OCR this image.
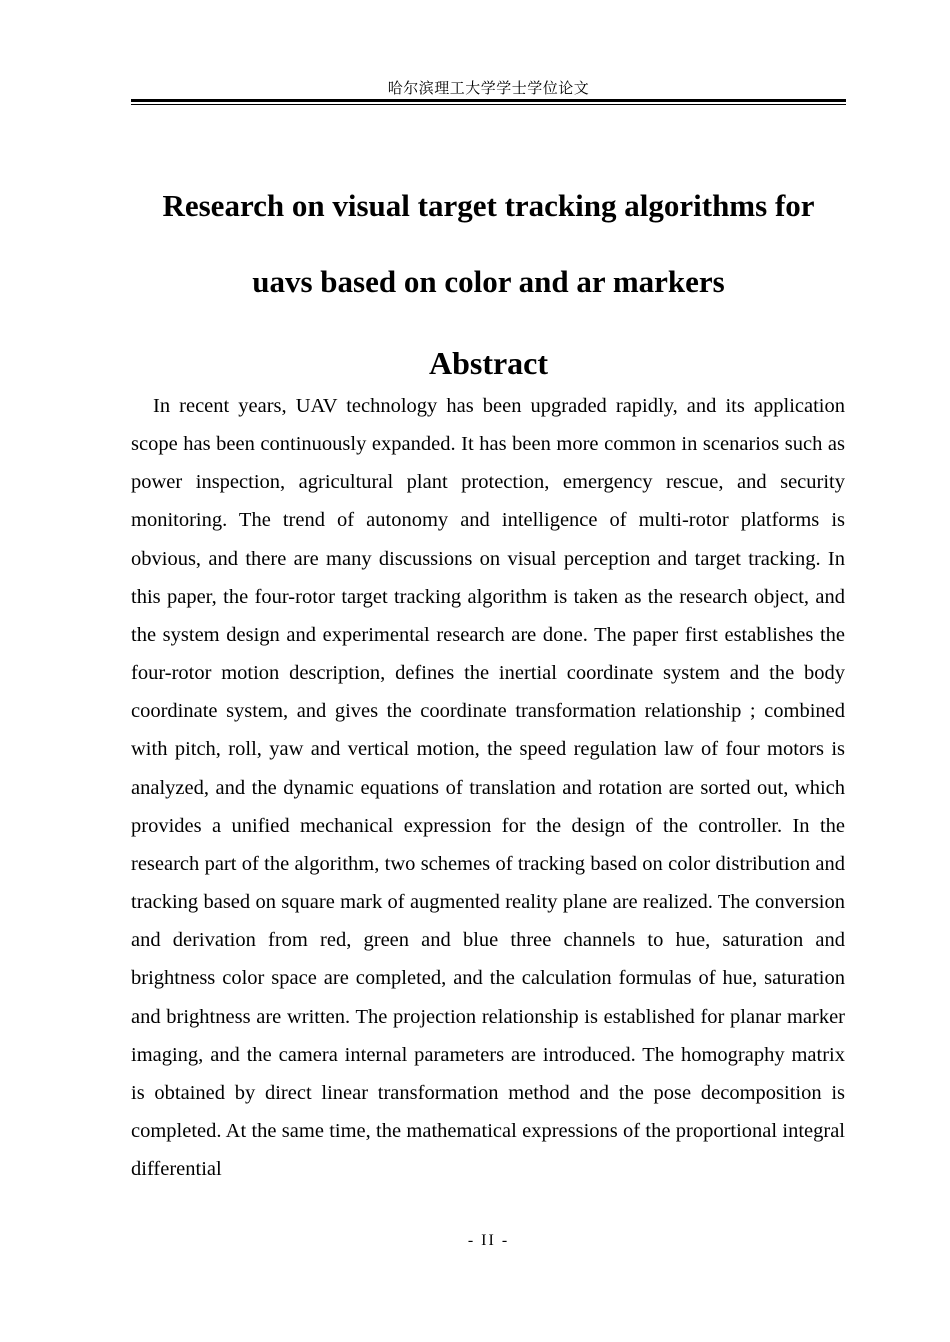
哈尔滨理工大学学士学位论文
Research on visual target tracking algorithms for uavs based on color and ar markers
Abstract

In recent years, UAV technology has been upgraded rapidly, and its application scope has been continuously expanded. It has been more common in scenarios such as power inspection, agricultural plant protection, emergency rescue, and security monitoring. The trend of autonomy and intelligence of multi-rotor platforms is obvious, and there are many discussions on visual perception and target tracking. In this paper, the four-rotor target tracking algorithm is taken as the research object, and the system design and experimental research are done. The paper first establishes the four-rotor motion description, defines the inertial coordinate system and the body coordinate system, and gives the coordinate transformation relationship ; combined with pitch, roll, yaw and vertical motion, the speed regulation law of four motors is analyzed, and the dynamic equations of translation and rotation are sorted out, which provides a unified mechanical expression for the design of the controller. In the research part of the algorithm, two schemes of tracking based on color distribution and tracking based on square mark of augmented reality plane are realized. The conversion and derivation from red, green and blue three channels to hue, saturation and brightness color space are completed, and the calculation formulas of hue, saturation and brightness are written. The projection relationship is established for planar marker imaging, and the camera internal parameters are introduced. The homography matrix is obtained by direct linear transformation method and the pose decomposition is completed. At the same time, the mathematical expressions of the proportional integral differential

- II -
